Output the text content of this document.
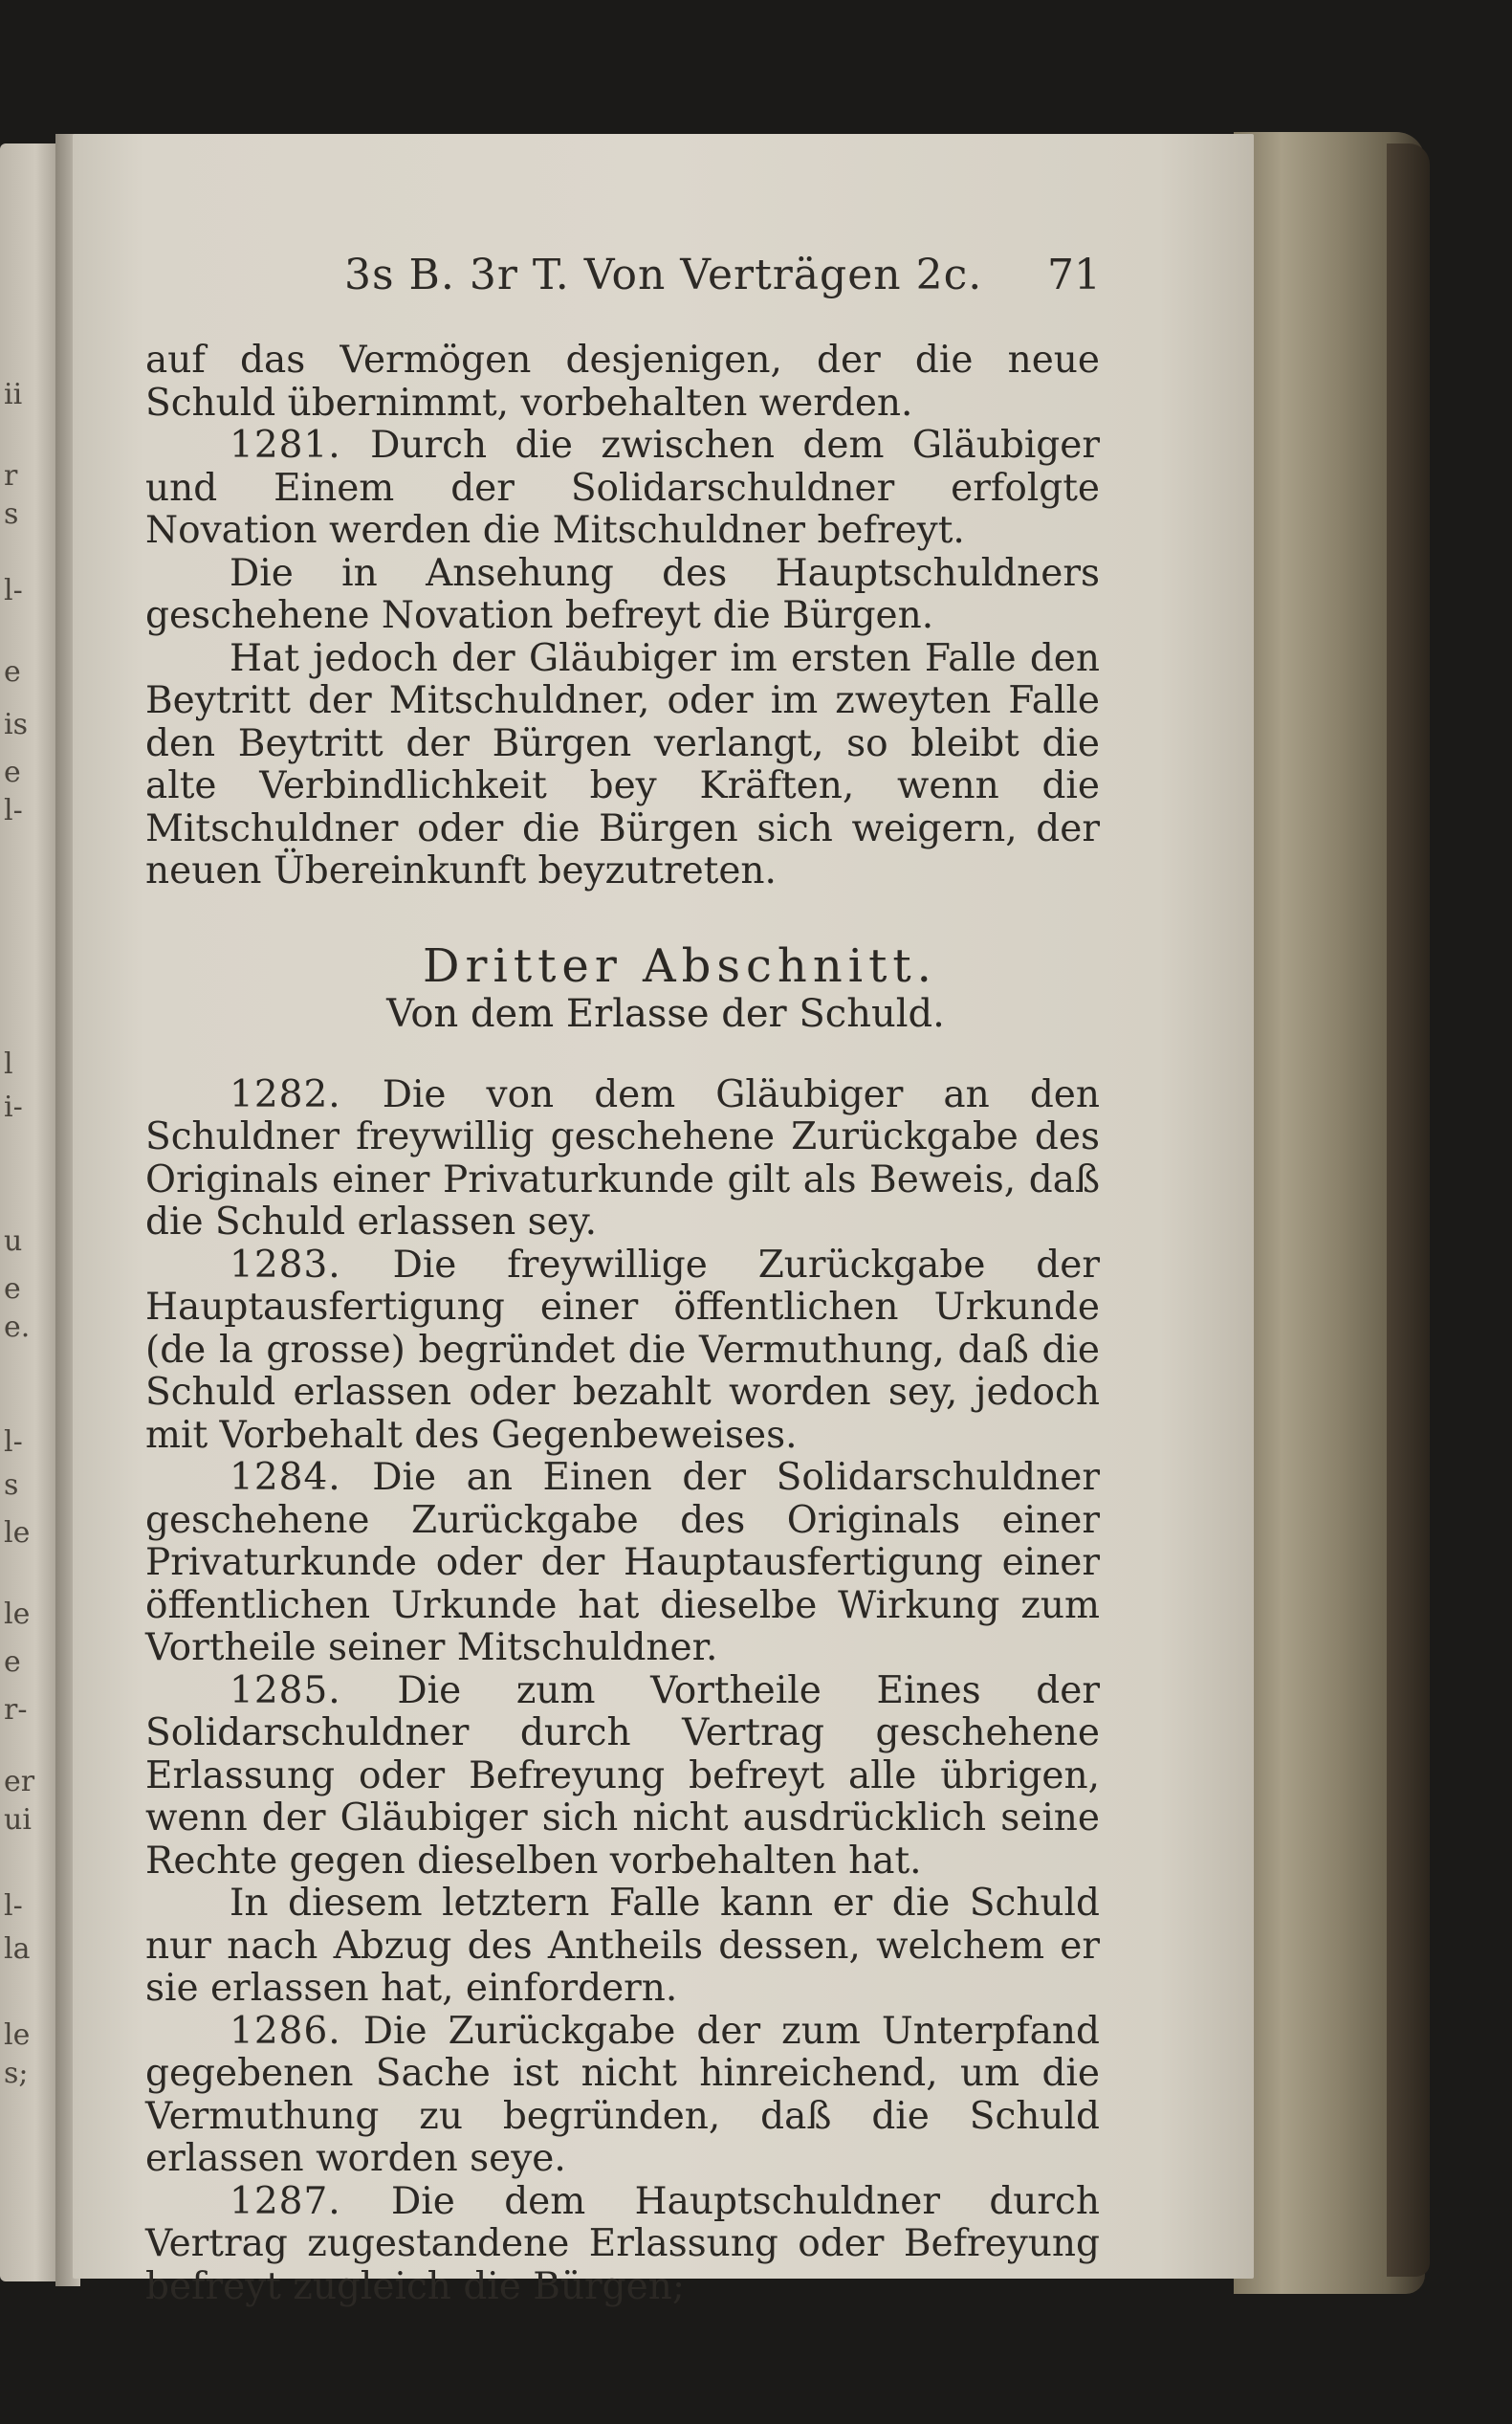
ii
r
s
l-
e
is
e
l-
l
i-
u
e
e.
l-
s
le
le
e
r-
er
ui
l-
la
le
s;
3s B. 3r T. Von Verträgen 2c.	71

auf das Vermögen desjenigen, der die neue Schuld übernimmt, vorbehalten werden.

1281. Durch die zwischen dem Gläubiger und Einem der Solidarschuldner erfolgte Novation werden die Mitschuldner befreyt.

Die in Ansehung des Hauptschuldners geschehene Novation befreyt die Bürgen.

Hat jedoch der Gläubiger im ersten Falle den Beytritt der Mitschuldner, oder im zweyten Falle den Beytritt der Bürgen verlangt, so bleibt die alte Verbindlichkeit bey Kräften, wenn die Mitschuldner oder die Bürgen sich weigern, der neuen Übereinkunft beyzutreten.

Dritter Abschnitt.
Von dem Erlasse der Schuld.

1282. Die von dem Gläubiger an den Schuldner freywillig geschehene Zurückgabe des Originals einer Privaturkunde gilt als Beweis, daß die Schuld erlassen sey.

1283. Die freywillige Zurückgabe der Hauptausfertigung einer öffentlichen Urkunde (de la grosse) begründet die Vermuthung, daß die Schuld erlassen oder bezahlt worden sey, jedoch mit Vorbehalt des Gegenbeweises.

1284. Die an Einen der Solidarschuldner geschehene Zurückgabe des Originals einer Privaturkunde oder der Hauptausfertigung einer öffentlichen Urkunde hat dieselbe Wirkung zum Vortheile seiner Mitschuldner.

1285. Die zum Vortheile Eines der Solidarschuldner durch Vertrag geschehene Erlassung oder Befreyung befreyt alle übrigen, wenn der Gläubiger sich nicht ausdrücklich seine Rechte gegen dieselben vorbehalten hat.

In diesem letztern Falle kann er die Schuld nur nach Abzug des Antheils dessen, welchem er sie erlassen hat, einfordern.

1286. Die Zurückgabe der zum Unterpfand gegebenen Sache ist nicht hinreichend, um die Vermuthung zu begründen, daß die Schuld erlassen worden seye.

1287. Die dem Hauptschuldner durch Vertrag zugestandene Erlassung oder Befreyung befreyt zugleich die Bürgen;
